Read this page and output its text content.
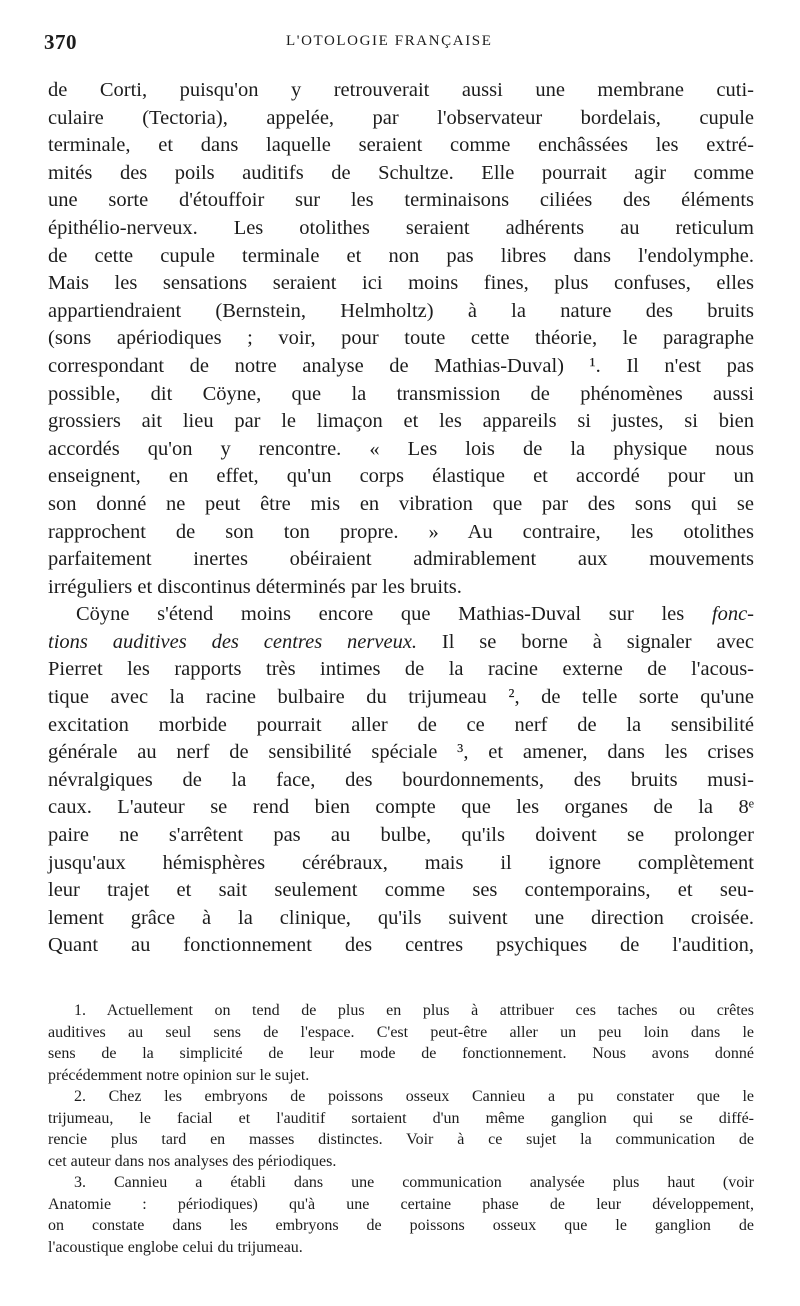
370	L'OTOLOGIE FRANÇAISE
de Corti, puisqu'on y retrouverait aussi une membrane cuti-
culaire (Tectoria), appelée, par l'observateur bordelais, cupule
terminale, et dans laquelle seraient comme enchâssées les extré-
mités des poils auditifs de Schultze. Elle pourrait agir comme
une sorte d'étouffoir sur les terminaisons ciliées des éléments
épithélio-nerveux. Les otolithes seraient adhérents au reticulum
de cette cupule terminale et non pas libres dans l'endolymphe.
Mais les sensations seraient ici moins fines, plus confuses, elles
appartiendraient (Bernstein, Helmholtz) à la nature des bruits
(sons apériodiques ; voir, pour toute cette théorie, le paragraphe
correspondant de notre analyse de Mathias-Duval) ¹. Il n'est pas
possible, dit Cöyne, que la transmission de phénomènes aussi
grossiers ait lieu par le limaçon et les appareils si justes, si bien
accordés qu'on y rencontre. « Les lois de la physique nous
enseignent, en effet, qu'un corps élastique et accordé pour un
son donné ne peut être mis en vibration que par des sons qui se
rapprochent de son ton propre. » Au contraire, les otolithes
parfaitement inertes obéiraient admirablement aux mouvements
irréguliers et discontinus déterminés par les bruits.
Cöyne s'étend moins encore que Mathias-Duval sur les fonc-
tions auditives des centres nerveux. Il se borne à signaler avec
Pierret les rapports très intimes de la racine externe de l'acous-
tique avec la racine bulbaire du trijumeau ², de telle sorte qu'une
excitation morbide pourrait aller de ce nerf de la sensibilité
générale au nerf de sensibilité spéciale ³, et amener, dans les crises
névralgiques de la face, des bourdonnements, des bruits musi-
caux. L'auteur se rend bien compte que les organes de la 8ᵉ
paire ne s'arrêtent pas au bulbe, qu'ils doivent se prolonger
jusqu'aux hémisphères cérébraux, mais il ignore complètement
leur trajet et sait seulement comme ses contemporains, et seu-
lement grâce à la clinique, qu'ils suivent une direction croisée.
Quant au fonctionnement des centres psychiques de l'audition,
1. Actuellement on tend de plus en plus à attribuer ces taches ou crêtes
auditives au seul sens de l'espace. C'est peut-être aller un peu loin dans le
sens de la simplicité de leur mode de fonctionnement. Nous avons donné
précédemment notre opinion sur le sujet.
2. Chez les embryons de poissons osseux Cannieu a pu constater que le
trijumeau, le facial et l'auditif sortaient d'un même ganglion qui se diffé-
rencie plus tard en masses distinctes. Voir à ce sujet la communication de
cet auteur dans nos analyses des périodiques.
3. Cannieu a établi dans une communication analysée plus haut (voir
Anatomie : périodiques) qu'à une certaine phase de leur développement,
on constate dans les embryons de poissons osseux que le ganglion de
l'acoustique englobe celui du trijumeau.
